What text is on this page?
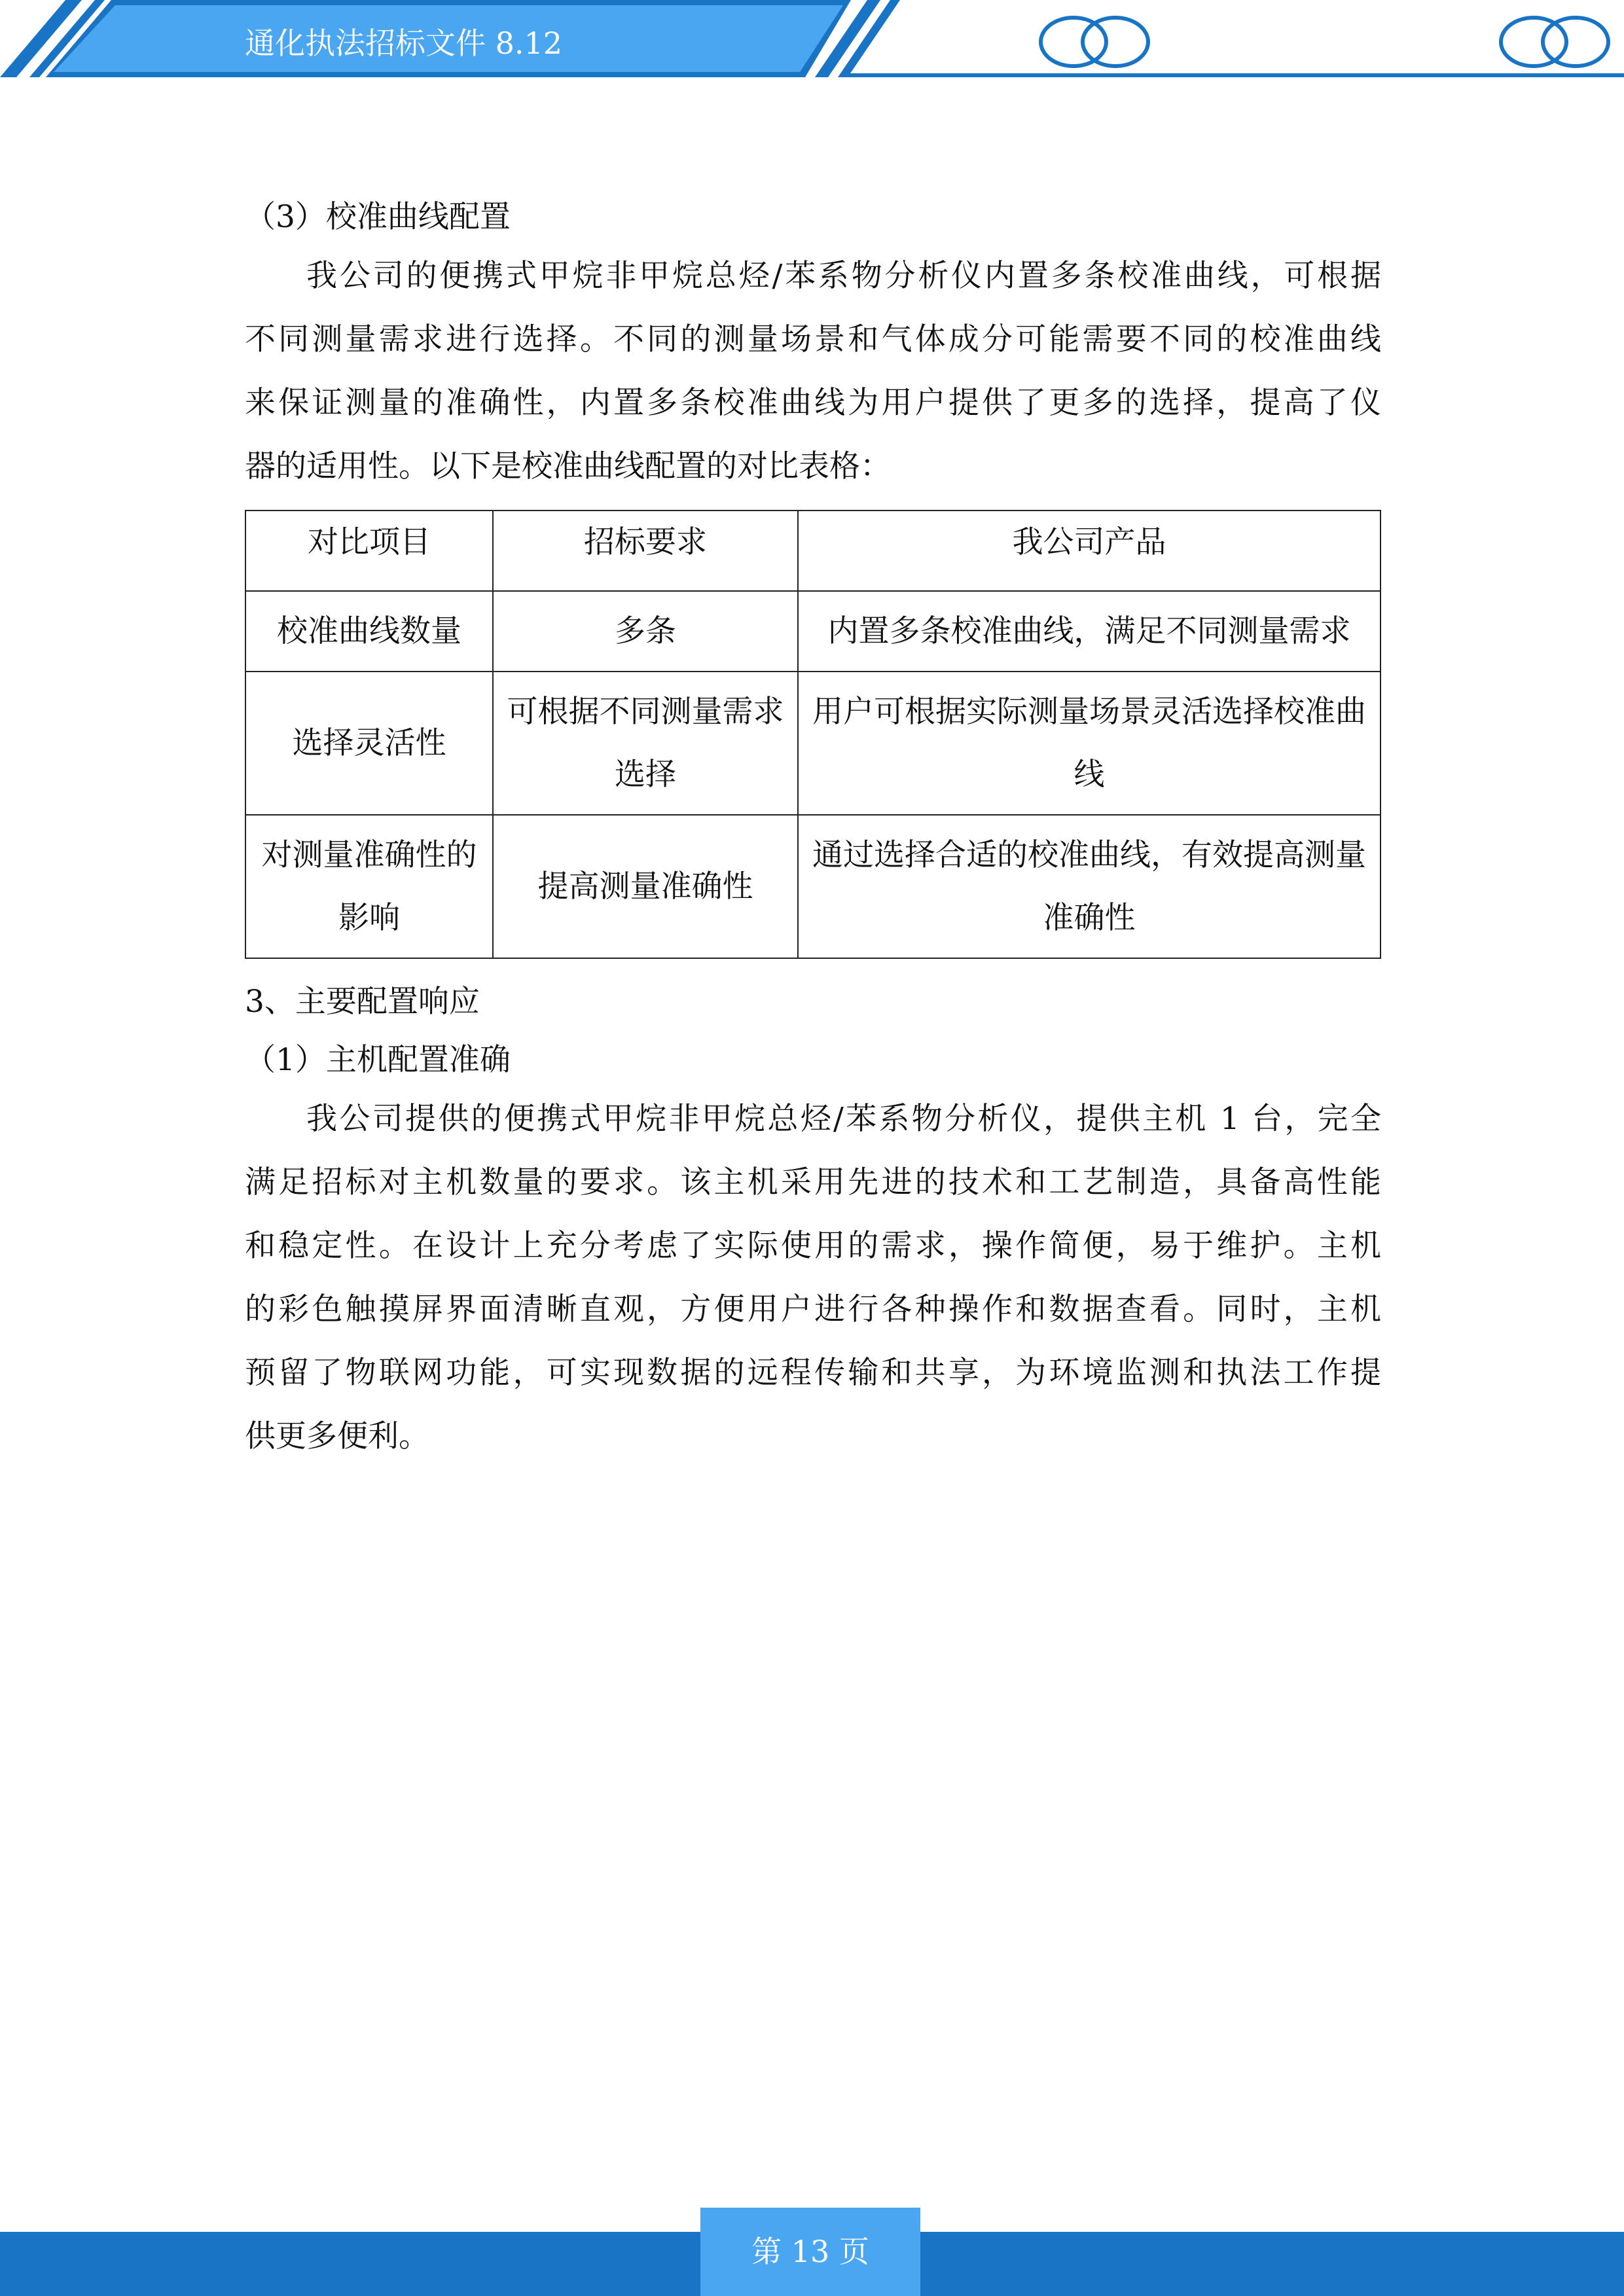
通化执法招标文件 8.12
（3）校准曲线配置
我公司的便携式甲烷非甲烷总烃/苯系物分析仪内置多条校准曲线，可根据
不同测量需求进行选择。不同的测量场景和气体成分可能需要不同的校准曲线
来保证测量的准确性，内置多条校准曲线为用户提供了更多的选择，提高了仪
器的适用性。以下是校准曲线配置的对比表格：
3、主要配置响应
（1）主机配置准确
我公司提供的便携式甲烷非甲烷总烃/苯系物分析仪，提供主机 1 台，完全
满足招标对主机数量的要求。该主机采用先进的技术和工艺制造，具备高性能
和稳定性。在设计上充分考虑了实际使用的需求，操作简便，易于维护。主机
的彩色触摸屏界面清晰直观，方便用户进行各种操作和数据查看。同时，主机
预留了物联网功能，可实现数据的远程传输和共享，为环境监测和执法工作提
供更多便利。
对比项目	招标要求	我公司产品
校准曲线数量	多条	内置多条校准曲线，满足不同测量需求
选择灵活性	可根据不同测量需求选择	用户可根据实际测量场景灵活选择校准曲线
对测量准确性的影响	提高测量准确性	通过选择合适的校准曲线，有效提高测量准确性
第 13 页
